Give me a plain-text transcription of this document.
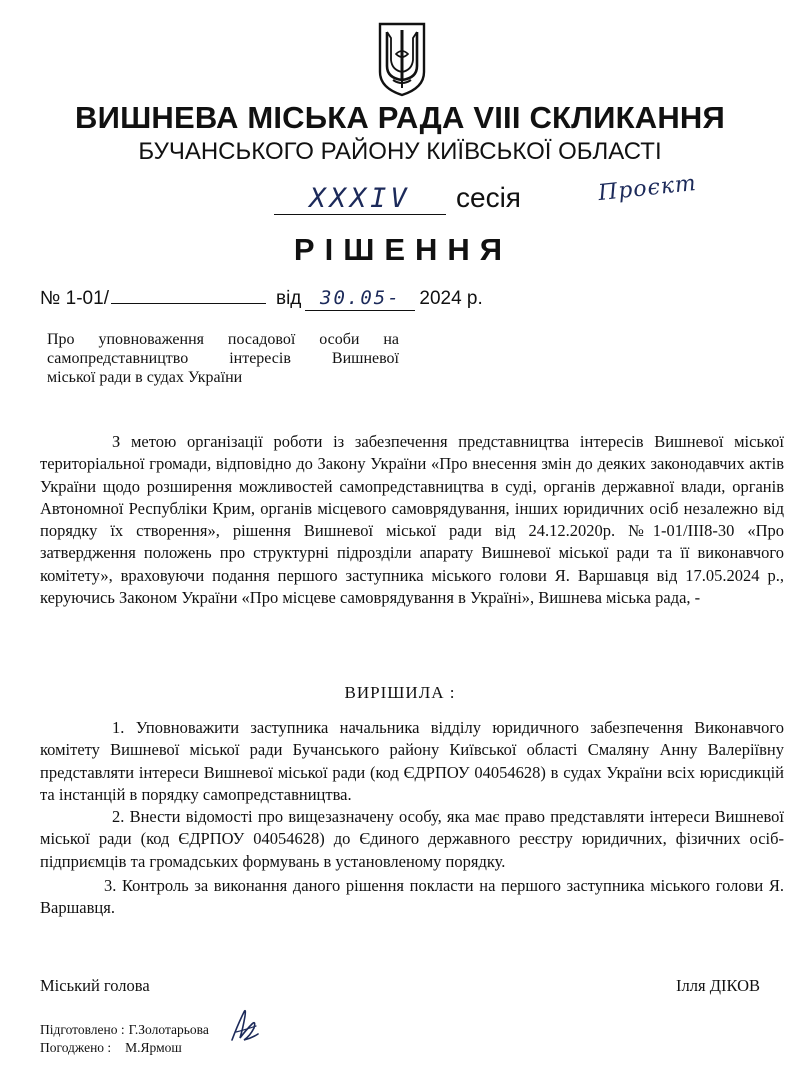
ВИШНЕВА МІСЬКА РАДА VIII СКЛИКАННЯ
БУЧАНСЬКОГО РАЙОНУ КИЇВСЬКОЇ ОБЛАСТІ
XXXIV сесія	Проєкт
РІШЕННЯ
№ 1-01/	від 30.05- 2024 р.

Про уповноваження посадової особи на

самопредставництво інтересів Вишневої

міської ради в судах України

З метою організації роботи із забезпечення представництва інтересів Вишневої міської територіальної громади, відповідно до Закону України «Про внесення змін до деяких законодавчих актів України щодо розширення можливостей самопредставництва в суді, органів державної влади, органів Автономної Республіки Крим, органів місцевого самоврядування, інших юридичних осіб незалежно від порядку їх створення», рішення Вишневої міської ради від 24.12.2020р. №1-01/ІІІ8-30 «Про затвердження положень про структурні підрозділи апарату Вишневої міської ради та її виконавчого комітету», враховуючи подання першого заступника міського голови Я. Варшавця від 17.05.2024 р., керуючись Законом України «Про місцеве самоврядування в Україні», Вишнева міська рада, -

ВИРІШИЛА :

1. Уповноважити заступника начальника відділу юридичного забезпечення Виконавчого комітету Вишневої міської ради Бучанського району Київської області Смаляну Анну Валеріївну представляти інтереси Вишневої міської ради (код ЄДРПОУ 04054628) в судах України всіх юрисдикцій та інстанцій в порядку самопредставництва.

2. Внести відомості про вищезазначену особу, яка має право представляти інтереси Вишневої міської ради (код ЄДРПОУ 04054628) до Єдиного державного реєстру юридичних, фізичних осіб-підприємців та громадських формувань в установленому порядку.

3. Контроль за виконання даного рішення покласти на першого заступника міського голови Я. Варшавця.

Міський голова	Ілля ДІКОВ
Підготовлено : Г.Золотарьова
Погоджено : М.Ярмош
